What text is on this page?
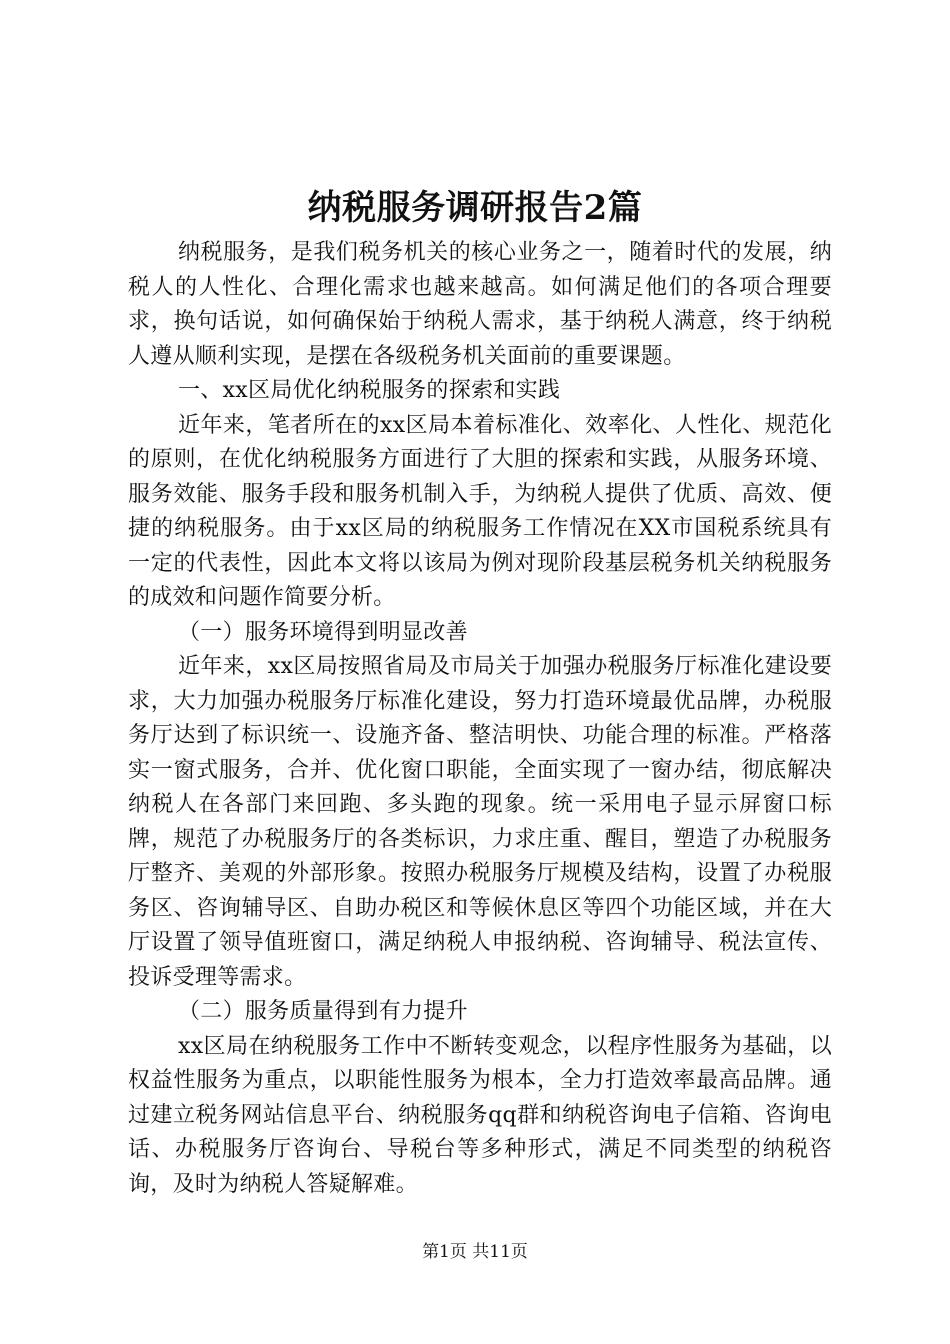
纳税服务调研报告2篇

纳税服务，是我们税务机关的核心业务之一，随着时代的发展，纳税人的人性化、合理化需求也越来越高。如何满足他们的各项合理要求，换句话说，如何确保始于纳税人需求，基于纳税人满意，终于纳税人遵从顺利实现，是摆在各级税务机关面前的重要课题。

一、xx区局优化纳税服务的探索和实践

近年来，笔者所在的xx区局本着标准化、效率化、人性化、规范化的原则，在优化纳税服务方面进行了大胆的探索和实践，从服务环境、服务效能、服务手段和服务机制入手，为纳税人提供了优质、高效、便捷的纳税服务。由于xx区局的纳税服务工作情况在XX市国税系统具有一定的代表性，因此本文将以该局为例对现阶段基层税务机关纳税服务的成效和问题作简要分析。

（一）服务环境得到明显改善

近年来，xx区局按照省局及市局关于加强办税服务厅标准化建设要求，大力加强办税服务厅标准化建设，努力打造环境最优品牌，办税服务厅达到了标识统一、设施齐备、整洁明快、功能合理的标准。严格落实一窗式服务，合并、优化窗口职能，全面实现了一窗办结，彻底解决纳税人在各部门来回跑、多头跑的现象。统一采用电子显示屏窗口标牌，规范了办税服务厅的各类标识，力求庄重、醒目，塑造了办税服务厅整齐、美观的外部形象。按照办税服务厅规模及结构，设置了办税服务区、咨询辅导区、自助办税区和等候休息区等四个功能区域，并在大厅设置了领导值班窗口，满足纳税人申报纳税、咨询辅导、税法宣传、投诉受理等需求。

（二）服务质量得到有力提升

xx区局在纳税服务工作中不断转变观念，以程序性服务为基础，以权益性服务为重点，以职能性服务为根本，全力打造效率最高品牌。通过建立税务网站信息平台、纳税服务qq群和纳税咨询电子信箱、咨询电话、办税服务厅咨询台、导税台等多种形式，满足不同类型的纳税咨询，及时为纳税人答疑解难。

第1页 共11页
